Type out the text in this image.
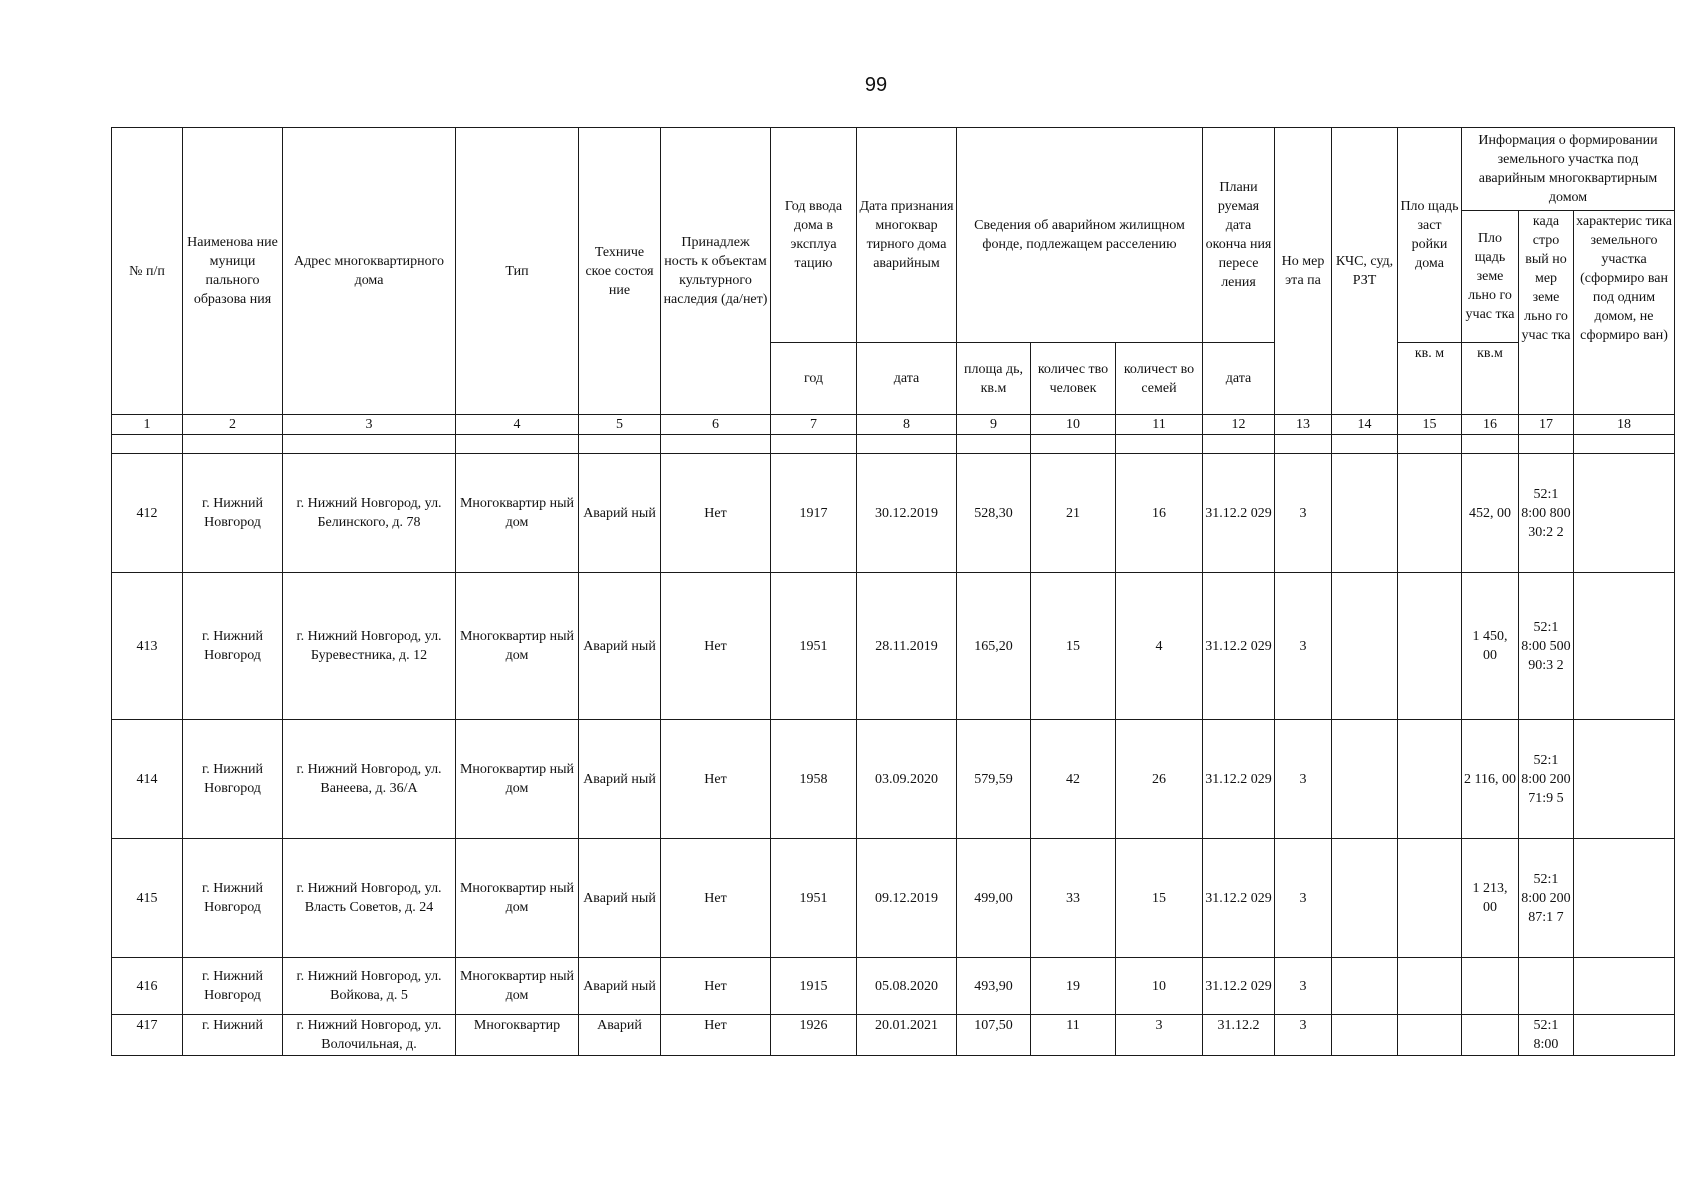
99
№ п/п	Наименова ние муници пального образова ния	Адрес многоквартирного дома	Тип	Техниче ское состоя ние	Принадлеж ность к объектам культурного наследия (да/нет)	Год ввода дома в эксплуа тацию	Дата признания многоквар тирного дома аварийным	Сведения об аварийном жилищном фонде, подлежащем расселению			Плани руемая дата оконча ния пересе ления	Но мер эта па	КЧС, суд, РЗТ	Пло щадь заст ройки дома	Информация о формировании земельного участка под аварийным многоквартирным домом		
															Пло щадь земе льно го учас тка	када стро вый но мер земе льно го учас тка	характерис тика земельного участка (сформиро ван под одним домом, не сформиро ван)
						год	дата	площа дь, кв.м	количес тво человек	количест во семей	дата			кв. м	кв.м		
1	2	3	4	5	6	7	8	9	10	11	12	13	14	15	16	17	18

412	г. Нижний Новгород	г. Нижний Новгород, ул. Белинского, д. 78	Многоквартир ный дом	Аварий ный	Нет	1917	30.12.2019	528,30	21	16	31.12.2 029	3			452, 00	52:1 8:00 800 30:2 2	
413	г. Нижний Новгород	г. Нижний Новгород, ул. Буревестника, д. 12	Многоквартир ный дом	Аварий ный	Нет	1951	28.11.2019	165,20	15	4	31.12.2 029	3			1 450, 00	52:1 8:00 500 90:3 2	
414	г. Нижний Новгород	г. Нижний Новгород, ул. Ванеева, д. 36/А	Многоквартир ный дом	Аварий ный	Нет	1958	03.09.2020	579,59	42	26	31.12.2 029	3			2 116, 00	52:1 8:00 200 71:9 5	
415	г. Нижний Новгород	г. Нижний Новгород, ул. Власть Советов, д. 24	Многоквартир ный дом	Аварий ный	Нет	1951	09.12.2019	499,00	33	15	31.12.2 029	3			1 213, 00	52:1 8:00 200 87:1 7	
416	г. Нижний Новгород	г. Нижний Новгород, ул. Войкова, д. 5	Многоквартир ный дом	Аварий ный	Нет	1915	05.08.2020	493,90	19	10	31.12.2 029	3					
417	г. Нижний	г. Нижний Новгород, ул. Волочильная, д.	Многоквартир	Аварий	Нет	1926	20.01.2021	107,50	11	3	31.12.2	3				52:1 8:00	
